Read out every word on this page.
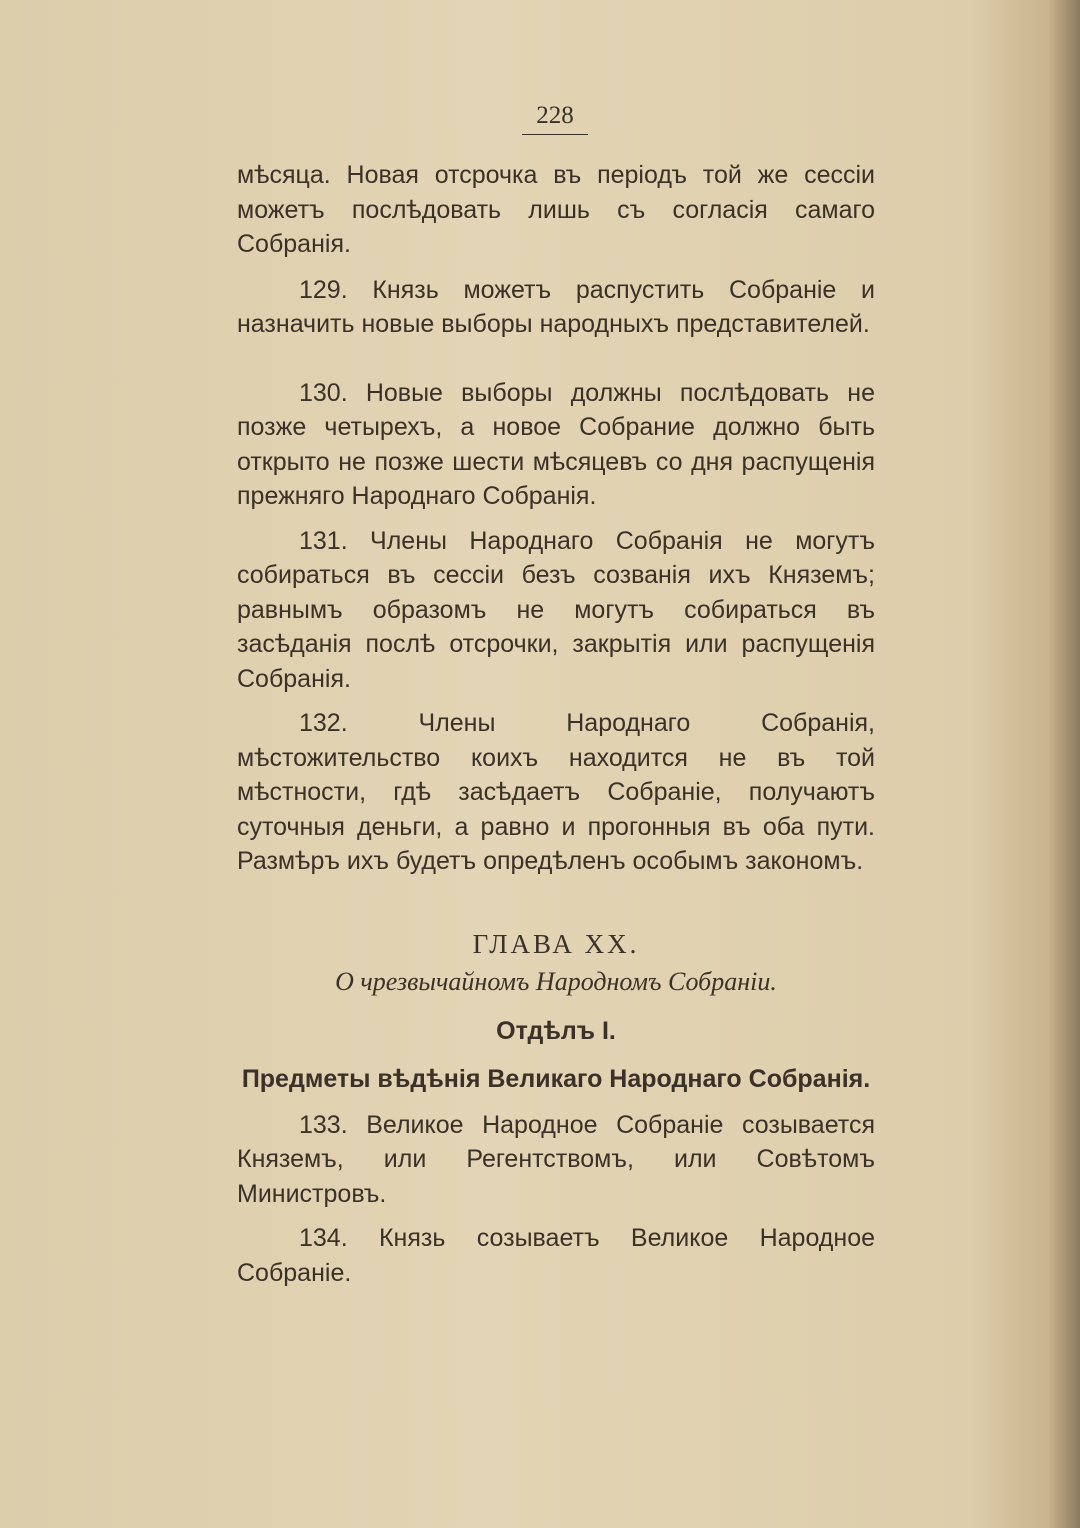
228

мѣсяца. Новая отсрочка въ періодъ той же сессіи можетъ послѣдовать лишь съ согласія самаго Собранія.

129. Князь можетъ распустить Собраніе и назначить новые выборы народныхъ представителей.

130. Новые выборы должны послѣдовать не позже четырехъ, а новое Собрание должно быть открыто не позже шести мѣсяцевъ со дня распущенія прежняго Народнаго Собранія.

131. Члены Народнаго Собранія не могутъ собираться въ сессіи безъ созванія ихъ Княземъ; равнымъ образомъ не могутъ собираться въ засѣданія послѣ отсрочки, закрытія или распущенія Собранія.

132. Члены Народнаго Собранія, мѣстожительство коихъ находится не въ той мѣстности, гдѣ засѣдаетъ Собраніе, получаютъ суточныя деньги, а равно и прогонныя въ оба пути. Размѣръ ихъ будетъ опредѣленъ особымъ закономъ.

ГЛАВА XX.

О чрезвычайномъ Народномъ Собраніи.

Отдѣлъ I.

Предметы вѣдѣнія Великаго Народнаго Собранія.

133. Великое Народное Собраніе созывается Княземъ, или Регентствомъ, или Совѣтомъ Министровъ.

134. Князь созываетъ Великое Народное Собраніе.
